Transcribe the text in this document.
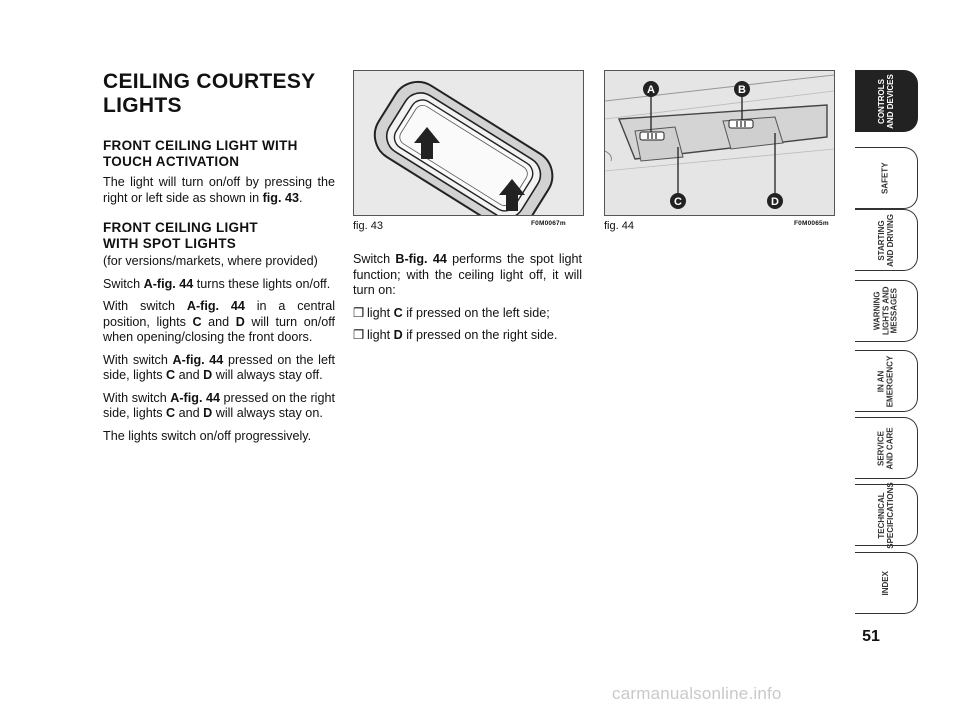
CEILING COURTESY LIGHTS
FRONT CEILING LIGHT WITH TOUCH ACTIVATION

The light will turn on/off by pressing the right or left side as shown in fig. 43.

FRONT CEILING LIGHT
WITH SPOT LIGHTS

(for versions/markets, where provided)

Switch A-fig. 44 turns these lights on/off.

With switch A-fig. 44 in a central position, lights C and D will turn on/off when opening/closing the front doors.

With switch A-fig. 44 pressed on the left side, lights C and D will always stay off.

With switch A-fig. 44 pressed on the right side, lights C and D will always stay on.

The lights switch on/off progressively.

fig. 43	F0M0067m
A	B
C	D
fig. 44	F0M0065m

Switch B-fig. 44 performs the spot light function; with the ceiling light off, it will turn on:

❒ light C if pressed on the left side;
❒ light D if pressed on the right side.
CONTROLS
AND DEVICES
SAFETY
STARTING
AND DRIVING
WARNING
LIGHTS AND
MESSAGES
IN AN
EMERGENCY
SERVICE
AND CARE
TECHNICAL
SPECIFICATIONS
INDEX
51
carmanualsonline.info
